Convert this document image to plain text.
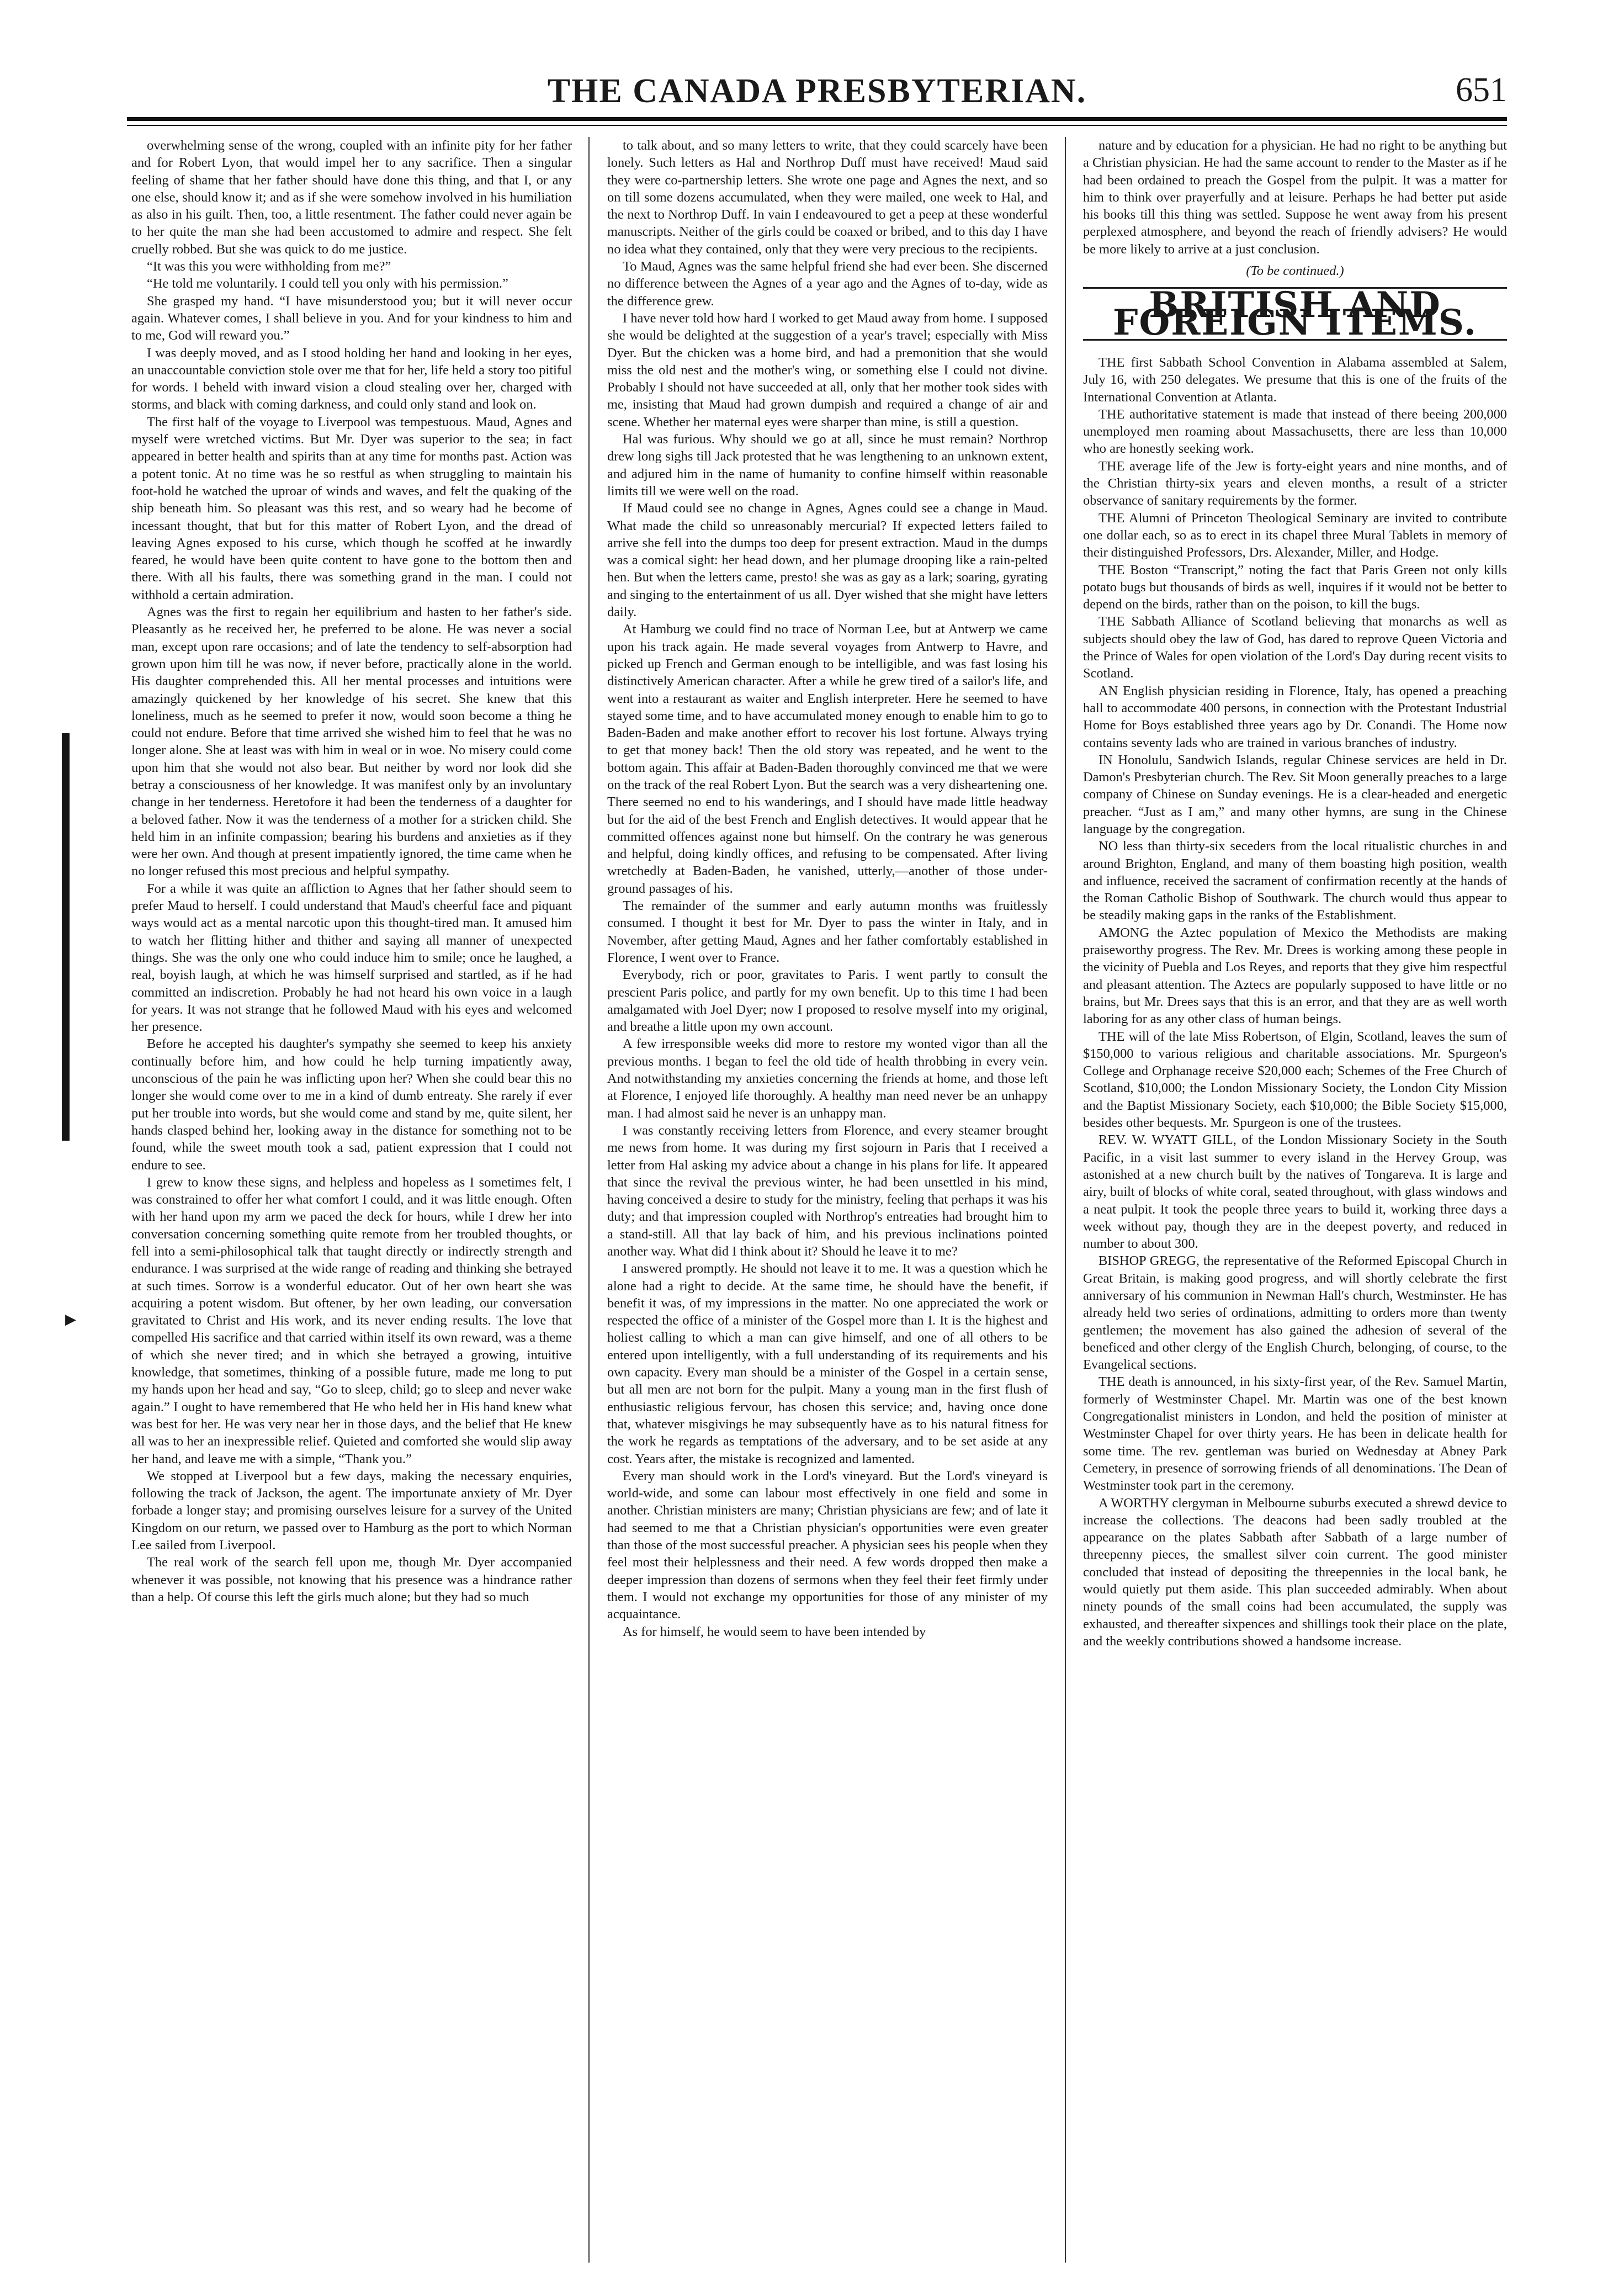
▶
THE CANADA PRESBYTERIAN.	651

overwhelming sense of the wrong, coupled with an infinite pity for her father and for Robert Lyon, that would impel her to any sacrifice. Then a singular feeling of shame that her father should have done this thing, and that I, or any one else, should know it; and as if she were somehow involved in his humiliation as also in his guilt. Then, too, a little resentment. The father could never again be to her quite the man she had been accustomed to admire and respect. She felt cruelly robbed. But she was quick to do me justice.

“It was this you were withholding from me?”

“He told me voluntarily. I could tell you only with his permission.”

She grasped my hand. “I have misunderstood you; but it will never occur again. Whatever comes, I shall believe in you. And for your kindness to him and to me, God will reward you.”

I was deeply moved, and as I stood holding her hand and looking in her eyes, an unaccountable conviction stole over me that for her, life held a story too pitiful for words. I beheld with inward vision a cloud stealing over her, charged with storms, and black with coming darkness, and could only stand and look on.

The first half of the voyage to Liverpool was tempestuous. Maud, Agnes and myself were wretched victims. But Mr. Dyer was superior to the sea; in fact appeared in better health and spirits than at any time for months past. Action was a potent tonic. At no time was he so restful as when struggling to maintain his foot-hold he watched the uproar of winds and waves, and felt the quaking of the ship beneath him. So pleasant was this rest, and so weary had he become of incessant thought, that but for this matter of Robert Lyon, and the dread of leaving Agnes exposed to his curse, which though he scoffed at he inwardly feared, he would have been quite content to have gone to the bottom then and there. With all his faults, there was something grand in the man. I could not withhold a certain admiration.

Agnes was the first to regain her equilibrium and hasten to her father's side. Pleasantly as he received her, he preferred to be alone. He was never a social man, except upon rare occasions; and of late the tendency to self-absorption had grown upon him till he was now, if never before, practically alone in the world. His daughter comprehended this. All her mental processes and intuitions were amazingly quickened by her knowledge of his secret. She knew that this loneliness, much as he seemed to prefer it now, would soon become a thing he could not endure. Before that time arrived she wished him to feel that he was no longer alone. She at least was with him in weal or in woe. No misery could come upon him that she would not also bear. But neither by word nor look did she betray a consciousness of her knowledge. It was manifest only by an involuntary change in her tenderness. Heretofore it had been the tenderness of a daughter for a beloved father. Now it was the tenderness of a mother for a stricken child. She held him in an infinite compassion; bearing his burdens and anxieties as if they were her own. And though at present impatiently ignored, the time came when he no longer refused this most precious and helpful sympathy.

For a while it was quite an affliction to Agnes that her father should seem to prefer Maud to herself. I could understand that Maud's cheerful face and piquant ways would act as a mental narcotic upon this thought-tired man. It amused him to watch her flitting hither and thither and saying all manner of unexpected things. She was the only one who could induce him to smile; once he laughed, a real, boyish laugh, at which he was himself surprised and startled, as if he had committed an indiscretion. Probably he had not heard his own voice in a laugh for years. It was not strange that he followed Maud with his eyes and welcomed her presence.

Before he accepted his daughter's sympathy she seemed to keep his anxiety continually before him, and how could he help turning impatiently away, unconscious of the pain he was inflicting upon her? When she could bear this no longer she would come over to me in a kind of dumb entreaty. She rarely if ever put her trouble into words, but she would come and stand by me, quite silent, her hands clasped behind her, looking away in the distance for something not to be found, while the sweet mouth took a sad, patient expression that I could not endure to see.

I grew to know these signs, and helpless and hopeless as I sometimes felt, I was constrained to offer her what comfort I could, and it was little enough. Often with her hand upon my arm we paced the deck for hours, while I drew her into conversation concerning something quite remote from her troubled thoughts, or fell into a semi-philosophical talk that taught directly or indirectly strength and endurance. I was surprised at the wide range of reading and thinking she betrayed at such times. Sorrow is a wonderful educator. Out of her own heart she was acquiring a potent wisdom. But oftener, by her own leading, our conversation gravitated to Christ and His work, and its never ending results. The love that compelled His sacrifice and that carried within itself its own reward, was a theme of which she never tired; and in which she betrayed a growing, intuitive knowledge, that sometimes, thinking of a possible future, made me long to put my hands upon her head and say, “Go to sleep, child; go to sleep and never wake again.” I ought to have remembered that He who held her in His hand knew what was best for her. He was very near her in those days, and the belief that He knew all was to her an inexpressible relief. Quieted and comforted she would slip away her hand, and leave me with a simple, “Thank you.”

We stopped at Liverpool but a few days, making the necessary enquiries, following the track of Jackson, the agent. The importunate anxiety of Mr. Dyer forbade a longer stay; and promising ourselves leisure for a survey of the United Kingdom on our return, we passed over to Hamburg as the port to which Norman Lee sailed from Liverpool.

The real work of the search fell upon me, though Mr. Dyer accompanied whenever it was possible, not knowing that his presence was a hindrance rather than a help. Of course this left the girls much alone; but they had so much

to talk about, and so many letters to write, that they could scarcely have been lonely. Such letters as Hal and Northrop Duff must have received! Maud said they were co-partnership letters. She wrote one page and Agnes the next, and so on till some dozens accumulated, when they were mailed, one week to Hal, and the next to Northrop Duff. In vain I endeavoured to get a peep at these wonderful manuscripts. Neither of the girls could be coaxed or bribed, and to this day I have no idea what they contained, only that they were very precious to the recipients.

To Maud, Agnes was the same helpful friend she had ever been. She discerned no difference between the Agnes of a year ago and the Agnes of to-day, wide as the difference grew.

I have never told how hard I worked to get Maud away from home. I supposed she would be delighted at the suggestion of a year's travel; especially with Miss Dyer. But the chicken was a home bird, and had a premonition that she would miss the old nest and the mother's wing, or something else I could not divine. Probably I should not have succeeded at all, only that her mother took sides with me, insisting that Maud had grown dumpish and required a change of air and scene. Whether her maternal eyes were sharper than mine, is still a question.

Hal was furious. Why should we go at all, since he must remain? Northrop drew long sighs till Jack protested that he was lengthening to an unknown extent, and adjured him in the name of humanity to confine himself within reasonable limits till we were well on the road.

If Maud could see no change in Agnes, Agnes could see a change in Maud. What made the child so unreasonably mercurial? If expected letters failed to arrive she fell into the dumps too deep for present extraction. Maud in the dumps was a comical sight: her head down, and her plumage drooping like a rain-pelted hen. But when the letters came, presto! she was as gay as a lark; soaring, gyrating and singing to the entertainment of us all. Dyer wished that she might have letters daily.

At Hamburg we could find no trace of Norman Lee, but at Antwerp we came upon his track again. He made several voyages from Antwerp to Havre, and picked up French and German enough to be intelligible, and was fast losing his distinctively American character. After a while he grew tired of a sailor's life, and went into a restaurant as waiter and English interpreter. Here he seemed to have stayed some time, and to have accumulated money enough to enable him to go to Baden-Baden and make another effort to recover his lost fortune. Always trying to get that money back! Then the old story was repeated, and he went to the bottom again. This affair at Baden-Baden thoroughly convinced me that we were on the track of the real Robert Lyon. But the search was a very disheartening one. There seemed no end to his wanderings, and I should have made little headway but for the aid of the best French and English detectives. It would appear that he committed offences against none but himself. On the contrary he was generous and helpful, doing kindly offices, and refusing to be compensated. After living wretchedly at Baden-Baden, he vanished, utterly,—another of those under-ground passages of his.

The remainder of the summer and early autumn months was fruitlessly consumed. I thought it best for Mr. Dyer to pass the winter in Italy, and in November, after getting Maud, Agnes and her father comfortably established in Florence, I went over to France.

Everybody, rich or poor, gravitates to Paris. I went partly to consult the prescient Paris police, and partly for my own benefit. Up to this time I had been amalgamated with Joel Dyer; now I proposed to resolve myself into my original, and breathe a little upon my own account.

A few irresponsible weeks did more to restore my wonted vigor than all the previous months. I began to feel the old tide of health throbbing in every vein. And notwithstanding my anxieties concerning the friends at home, and those left at Florence, I enjoyed life thoroughly. A healthy man need never be an unhappy man. I had almost said he never is an unhappy man.

I was constantly receiving letters from Florence, and every steamer brought me news from home. It was during my first sojourn in Paris that I received a letter from Hal asking my advice about a change in his plans for life. It appeared that since the revival the previous winter, he had been unsettled in his mind, having conceived a desire to study for the ministry, feeling that perhaps it was his duty; and that impression coupled with Northrop's entreaties had brought him to a stand-still. All that lay back of him, and his previous inclinations pointed another way. What did I think about it? Should he leave it to me?

I answered promptly. He should not leave it to me. It was a question which he alone had a right to decide. At the same time, he should have the benefit, if benefit it was, of my impressions in the matter. No one appreciated the work or respected the office of a minister of the Gospel more than I. It is the highest and holiest calling to which a man can give himself, and one of all others to be entered upon intelligently, with a full understanding of its requirements and his own capacity. Every man should be a minister of the Gospel in a certain sense, but all men are not born for the pulpit. Many a young man in the first flush of enthusiastic religious fervour, has chosen this service; and, having once done that, whatever misgivings he may subsequently have as to his natural fitness for the work he regards as temptations of the adversary, and to be set aside at any cost. Years after, the mistake is recognized and lamented.

Every man should work in the Lord's vineyard. But the Lord's vineyard is world-wide, and some can labour most effectively in one field and some in another. Christian ministers are many; Christian physicians are few; and of late it had seemed to me that a Christian physician's opportunities were even greater than those of the most successful preacher. A physician sees his people when they feel most their helplessness and their need. A few words dropped then make a deeper impression than dozens of sermons when they feel their feet firmly under them. I would not exchange my opportunities for those of any minister of my acquaintance.

As for himself, he would seem to have been intended by

nature and by education for a physician. He had no right to be anything but a Christian physician. He had the same account to render to the Master as if he had been ordained to preach the Gospel from the pulpit. It was a matter for him to think over prayerfully and at leisure. Perhaps he had better put aside his books till this thing was settled. Suppose he went away from his present perplexed atmosphere, and beyond the reach of friendly advisers? He would be more likely to arrive at a just conclusion.

(To be continued.)

BRITISH AND FOREIGN ITEMS.

THE first Sabbath School Convention in Alabama assembled at Salem, July 16, with 250 delegates. We presume that this is one of the fruits of the International Convention at Atlanta.

THE authoritative statement is made that instead of there beeing 200,000 unemployed men roaming about Massachusetts, there are less than 10,000 who are honestly seeking work.

THE average life of the Jew is forty-eight years and nine months, and of the Christian thirty-six years and eleven months, a result of a stricter observance of sanitary requirements by the former.

THE Alumni of Princeton Theological Seminary are invited to contribute one dollar each, so as to erect in its chapel three Mural Tablets in memory of their distinguished Professors, Drs. Alexander, Miller, and Hodge.

THE Boston “Transcript,” noting the fact that Paris Green not only kills potato bugs but thousands of birds as well, inquires if it would not be better to depend on the birds, rather than on the poison, to kill the bugs.

THE Sabbath Alliance of Scotland believing that monarchs as well as subjects should obey the law of God, has dared to reprove Queen Victoria and the Prince of Wales for open violation of the Lord's Day during recent visits to Scotland.

AN English physician residing in Florence, Italy, has opened a preaching hall to accommodate 400 persons, in connection with the Protestant Industrial Home for Boys established three years ago by Dr. Conandi. The Home now contains seventy lads who are trained in various branches of industry.

IN Honolulu, Sandwich Islands, regular Chinese services are held in Dr. Damon's Presbyterian church. The Rev. Sit Moon generally preaches to a large company of Chinese on Sunday evenings. He is a clear-headed and energetic preacher. “Just as I am,” and many other hymns, are sung in the Chinese language by the congregation.

NO less than thirty-six seceders from the local ritualistic churches in and around Brighton, England, and many of them boasting high position, wealth and influence, received the sacrament of confirmation recently at the hands of the Roman Catholic Bishop of Southwark. The church would thus appear to be steadily making gaps in the ranks of the Establishment.

AMONG the Aztec population of Mexico the Methodists are making praiseworthy progress. The Rev. Mr. Drees is working among these people in the vicinity of Puebla and Los Reyes, and reports that they give him respectful and pleasant attention. The Aztecs are popularly supposed to have little or no brains, but Mr. Drees says that this is an error, and that they are as well worth laboring for as any other class of human beings.

THE will of the late Miss Robertson, of Elgin, Scotland, leaves the sum of $150,000 to various religious and charitable associations. Mr. Spurgeon's College and Orphanage receive $20,000 each; Schemes of the Free Church of Scotland, $10,000; the London Missionary Society, the London City Mission and the Baptist Missionary Society, each $10,000; the Bible Society $15,000, besides other bequests. Mr. Spurgeon is one of the trustees.

REV. W. WYATT GILL, of the London Missionary Society in the South Pacific, in a visit last summer to every island in the Hervey Group, was astonished at a new church built by the natives of Tongareva. It is large and airy, built of blocks of white coral, seated throughout, with glass windows and a neat pulpit. It took the people three years to build it, working three days a week without pay, though they are in the deepest poverty, and reduced in number to about 300.

BISHOP GREGG, the representative of the Reformed Episcopal Church in Great Britain, is making good progress, and will shortly celebrate the first anniversary of his communion in Newman Hall's church, Westminster. He has already held two series of ordinations, admitting to orders more than twenty gentlemen; the movement has also gained the adhesion of several of the beneficed and other clergy of the English Church, belonging, of course, to the Evangelical sections.

THE death is announced, in his sixty-first year, of the Rev. Samuel Martin, formerly of Westminster Chapel. Mr. Martin was one of the best known Congregationalist ministers in London, and held the position of minister at Westminster Chapel for over thirty years. He has been in delicate health for some time. The rev. gentleman was buried on Wednesday at Abney Park Cemetery, in presence of sorrowing friends of all denominations. The Dean of Westminster took part in the ceremony.

A WORTHY clergyman in Melbourne suburbs executed a shrewd device to increase the collections. The deacons had been sadly troubled at the appearance on the plates Sabbath after Sabbath of a large number of threepenny pieces, the smallest silver coin current. The good minister concluded that instead of depositing the threepennies in the local bank, he would quietly put them aside. This plan succeeded admirably. When about ninety pounds of the small coins had been accumulated, the supply was exhausted, and thereafter sixpences and shillings took their place on the plate, and the weekly contributions showed a handsome increase.
